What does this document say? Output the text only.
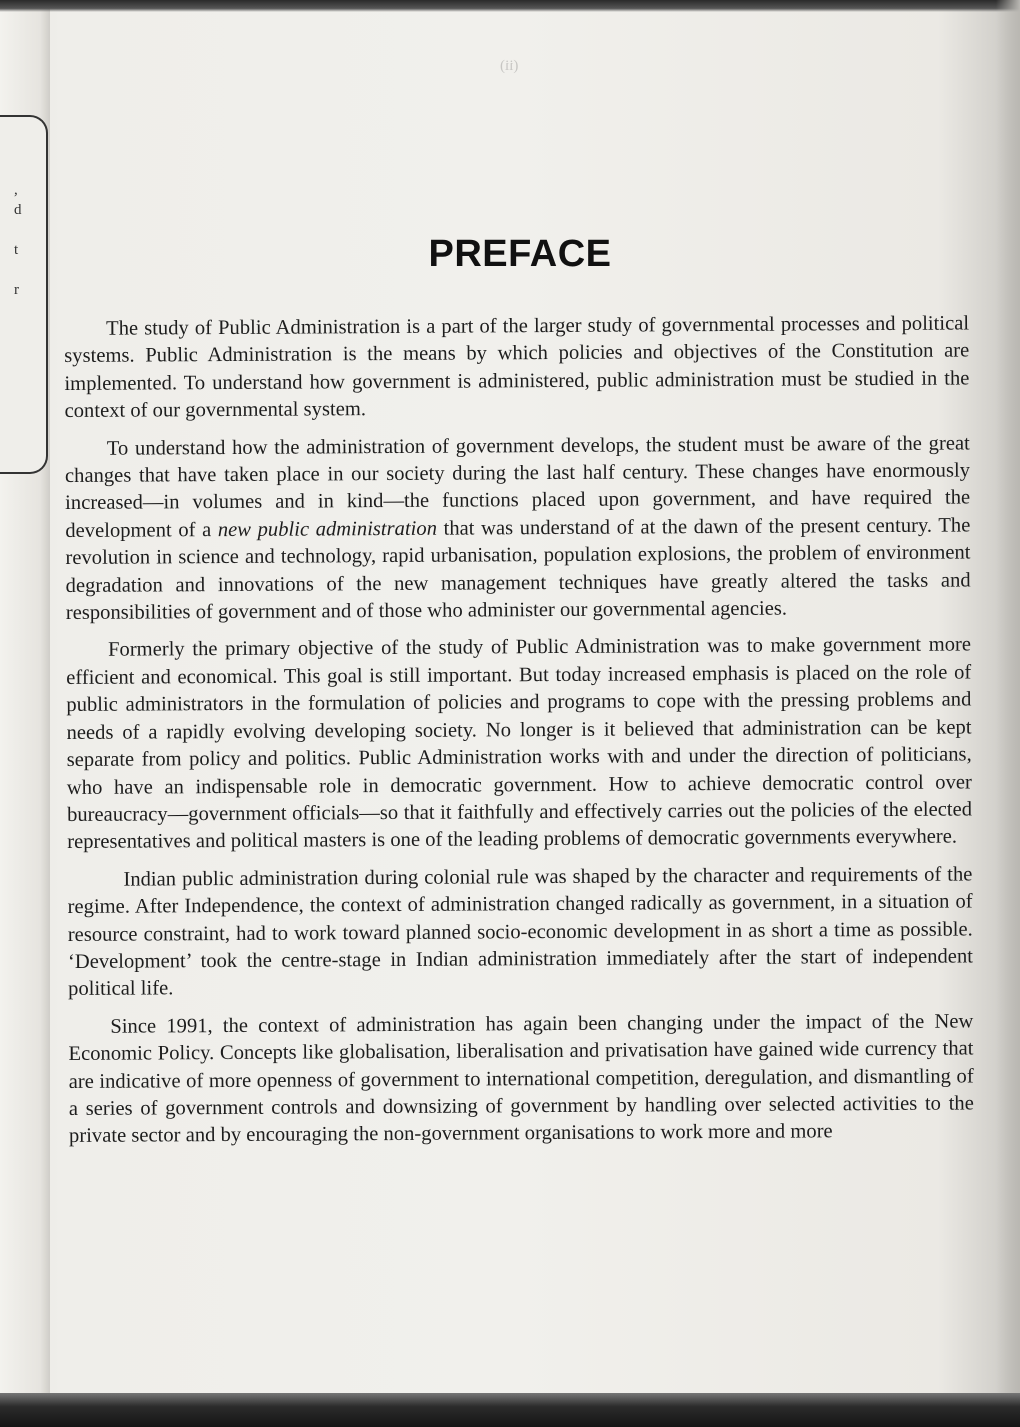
,
d

t

r
(ii)
PREFACE

The study of Public Administration is a part of the larger study of governmental processes and political systems. Public Administration is the means by which policies and objectives of the Constitution are implemented. To understand how government is administered, public administration must be studied in the context of our governmental system.

To understand how the administration of government develops, the student must be aware of the great changes that have taken place in our society during the last half century. These changes have enormously increased—in volumes and in kind—the functions placed upon government, and have required the development of a new public administration that was understand of at the dawn of the present century. The revolution in science and technology, rapid urbanisation, population explosions, the problem of environment degradation and innovations of the new management techniques have greatly altered the tasks and responsibilities of government and of those who administer our governmental agencies.

Formerly the primary objective of the study of Public Administration was to make government more efficient and economical. This goal is still important. But today increased emphasis is placed on the role of public administrators in the formulation of policies and programs to cope with the pressing problems and needs of a rapidly evolving developing society. No longer is it believed that administration can be kept separate from policy and politics. Public Administration works with and under the direction of politicians, who have an indispensable role in democratic government. How to achieve democratic control over bureaucracy—government officials—so that it faithfully and effectively carries out the policies of the elected representatives and political masters is one of the leading problems of democratic governments everywhere.

Indian public administration during colonial rule was shaped by the character and requirements of the regime. After Independence, the context of administration changed radically as government, in a situation of resource constraint, had to work toward planned socio-economic development in as short a time as possible. ‘Development’ took the centre-stage in Indian administration immediately after the start of independent political life.

Since 1991, the context of administration has again been changing under the impact of the New Economic Policy. Concepts like globalisation, liberalisation and privatisation have gained wide currency that are indicative of more openness of government to international competition, deregulation, and dismantling of a series of government controls and downsizing of government by handling over selected activities to the private sector and by encouraging the non-government organisations to work more and more
